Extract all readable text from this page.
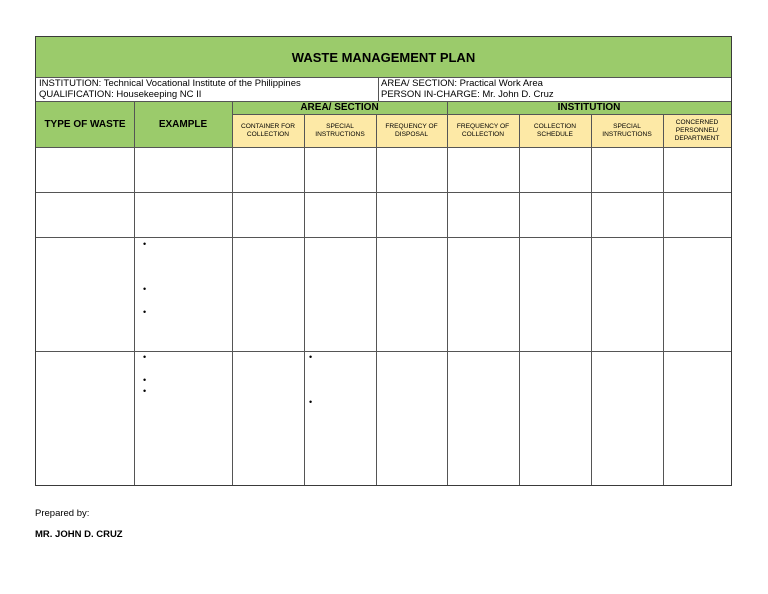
WASTE MANAGEMENT PLAN
INSTITUTION: Technical Vocational Institute of the Philippines
QUALIFICATION: Housekeeping NC II
AREA/ SECTION: Practical Work Area
PERSON IN-CHARGE: Mr. John D. Cruz
TYPE OF WASTE	EXAMPLE
AREA/ SECTION	INSTITUTION
CONTAINER FOR COLLECTION
SPECIAL INSTRUCTIONS
FREQUENCY OF DISPOSAL
FREQUENCY OF COLLECTION
COLLECTION SCHEDULE
SPECIAL INSTRUCTIONS
CONCERNED PERSONNEL/ DEPARTMENT
•
•
•
•
•
•
•
•
Prepared by:
MR. JOHN D. CRUZ
